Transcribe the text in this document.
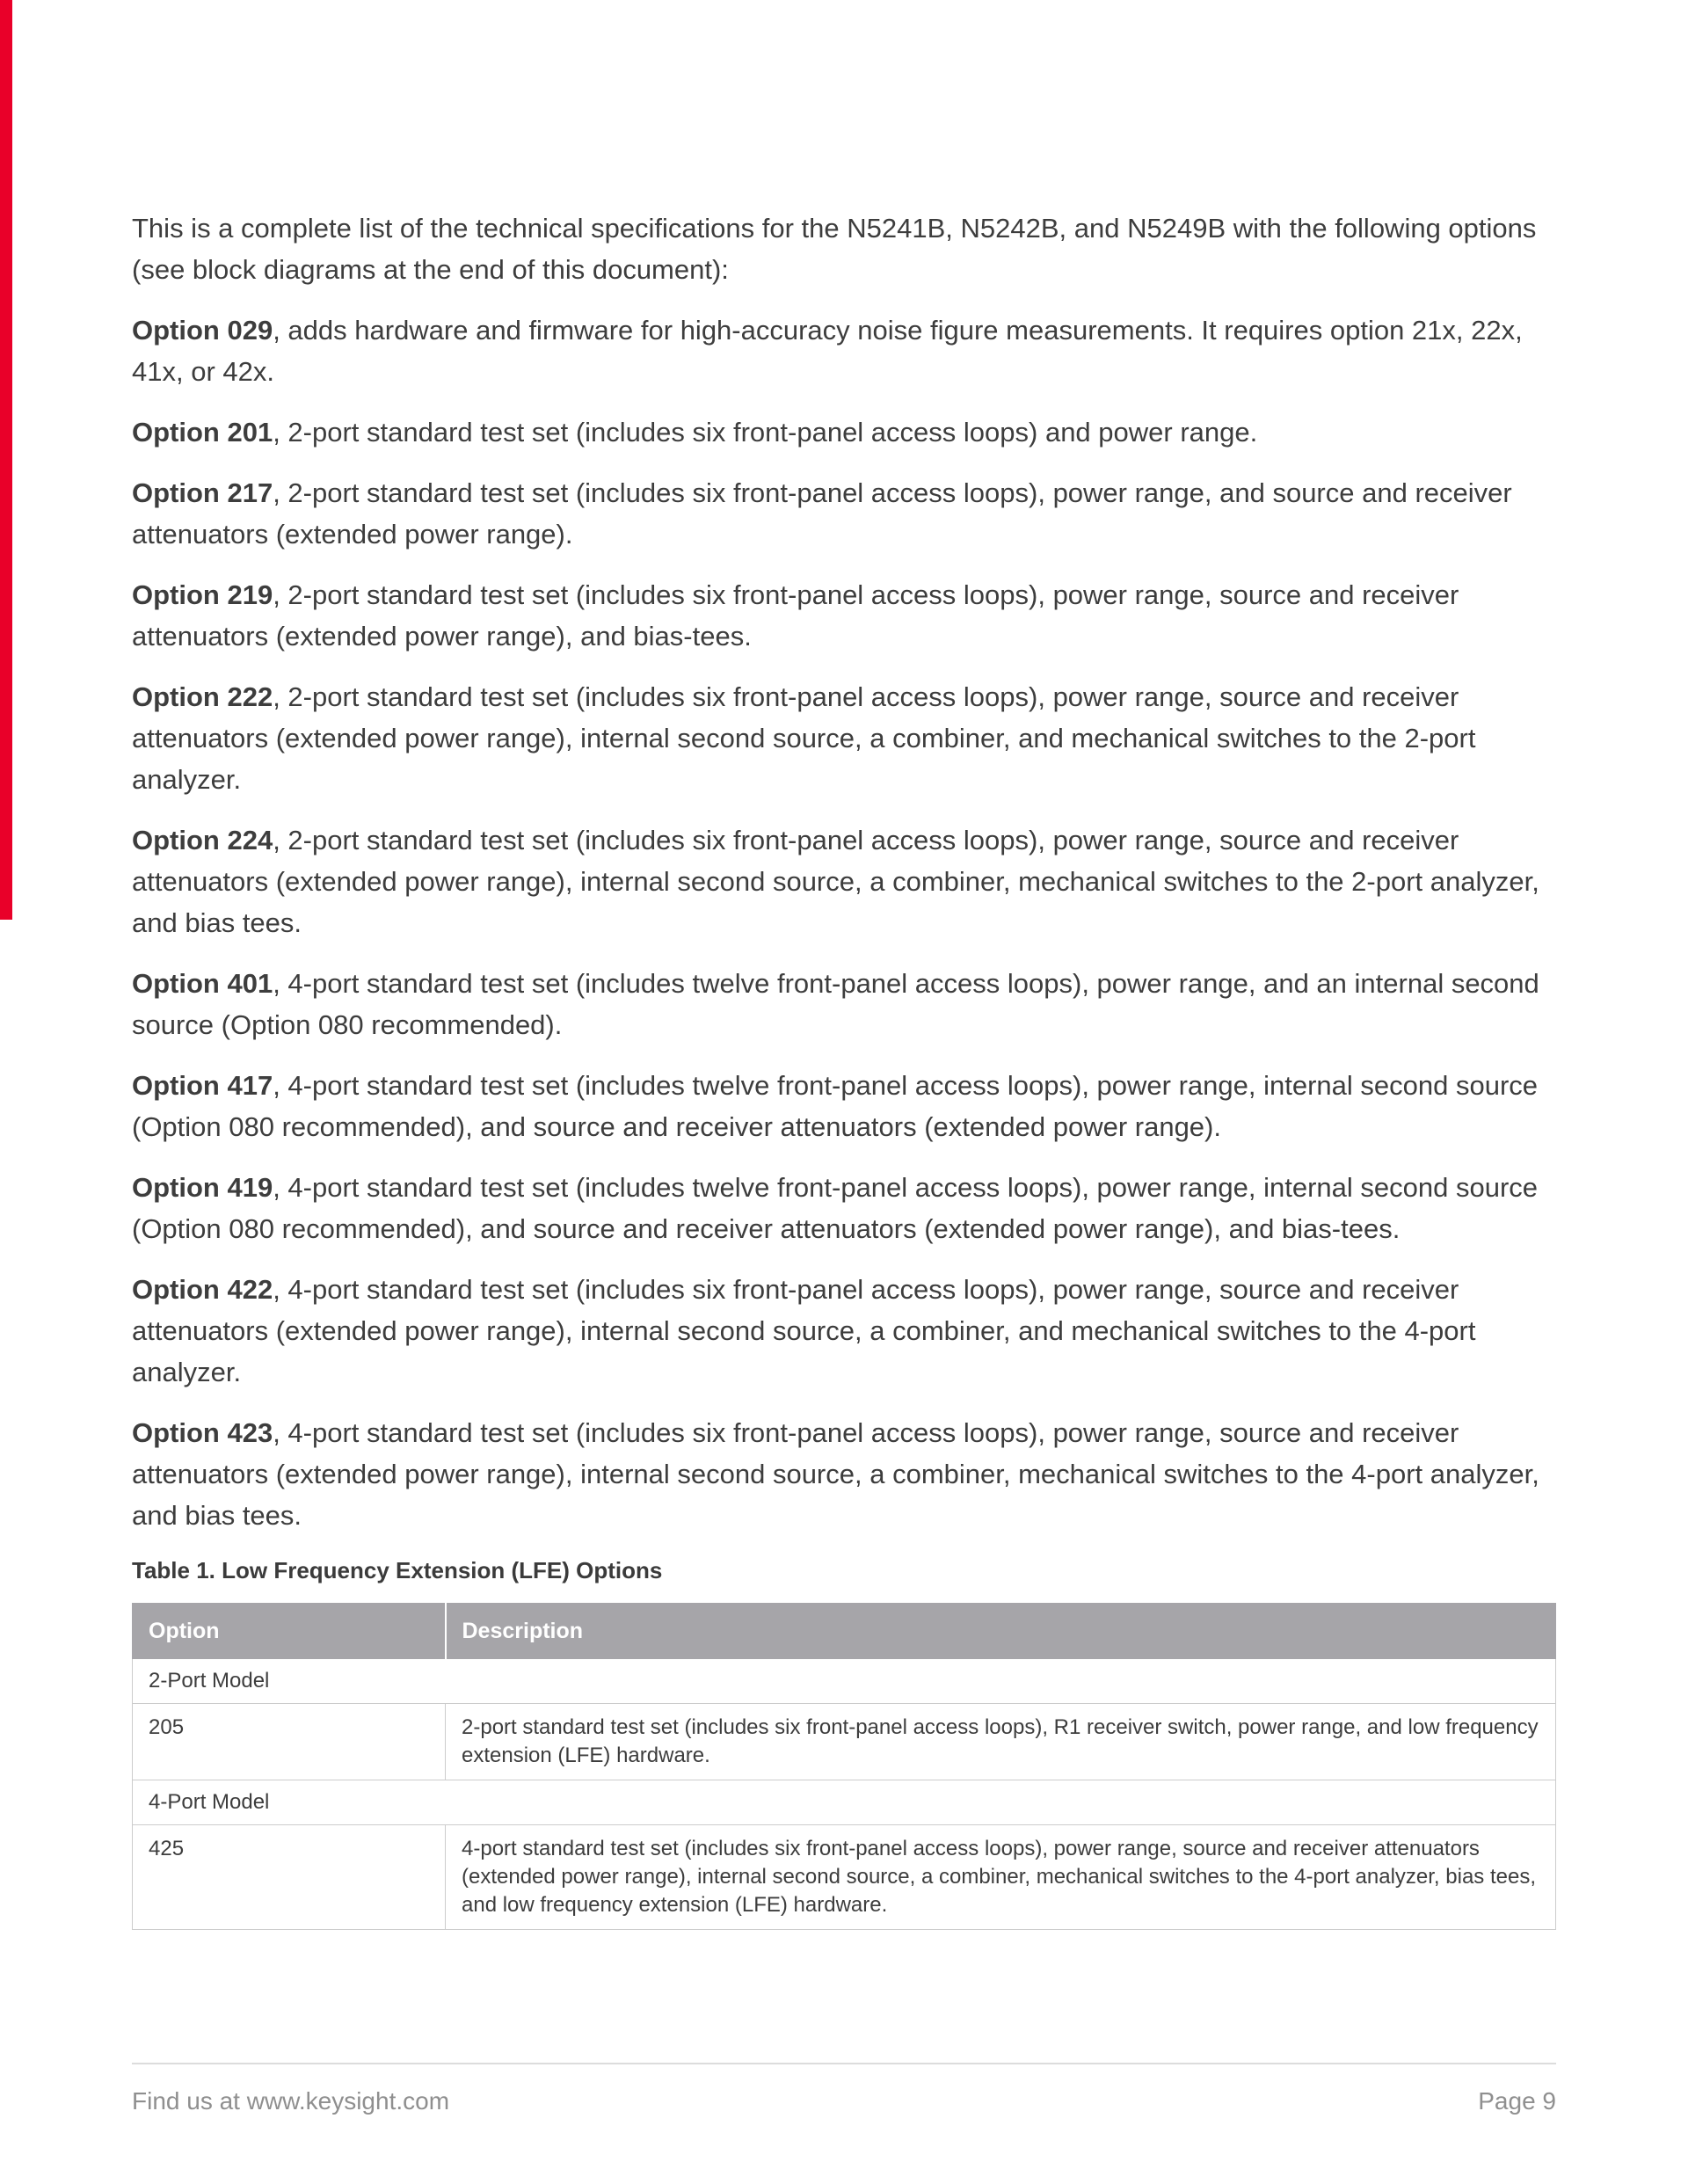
This is a complete list of the technical specifications for the N5241B, N5242B, and N5249B with the following options (see block diagrams at the end of this document):

Option 029, adds hardware and firmware for high-accuracy noise figure measurements. It requires option 21x, 22x, 41x, or 42x.

Option 201, 2-port standard test set (includes six front-panel access loops) and power range.

Option 217, 2-port standard test set (includes six front-panel access loops), power range, and source and receiver attenuators (extended power range).

Option 219, 2-port standard test set (includes six front-panel access loops), power range, source and receiver attenuators (extended power range), and bias-tees.

Option 222, 2-port standard test set (includes six front-panel access loops), power range, source and receiver attenuators (extended power range), internal second source, a combiner, and mechanical switches to the 2-port analyzer.

Option 224, 2-port standard test set (includes six front-panel access loops), power range, source and receiver attenuators (extended power range), internal second source, a combiner, mechanical switches to the 2-port analyzer, and bias tees.

Option 401, 4-port standard test set (includes twelve front-panel access loops), power range, and an internal second source (Option 080 recommended).

Option 417, 4-port standard test set (includes twelve front-panel access loops), power range, internal second source (Option 080 recommended), and source and receiver attenuators (extended power range).

Option 419, 4-port standard test set (includes twelve front-panel access loops), power range, internal second source (Option 080 recommended), and source and receiver attenuators (extended power range), and bias-tees.

Option 422, 4-port standard test set (includes six front-panel access loops), power range, source and receiver attenuators (extended power range), internal second source, a combiner, and mechanical switches to the 4-port analyzer.

Option 423, 4-port standard test set (includes six front-panel access loops), power range, source and receiver attenuators (extended power range), internal second source, a combiner, mechanical switches to the 4-port analyzer, and bias tees.

Table 1. Low Frequency Extension (LFE) Options

Option	Description
2-Port Model	
205	2-port standard test set (includes six front-panel access loops), R1 receiver switch, power range, and low frequency extension (LFE) hardware.
4-Port Model	
425	4-port standard test set (includes six front-panel access loops), power range, source and receiver attenuators (extended power range), internal second source, a combiner, mechanical switches to the 4-port analyzer, bias tees, and low frequency extension (LFE) hardware.
Find us at www.keysight.com	Page 9
